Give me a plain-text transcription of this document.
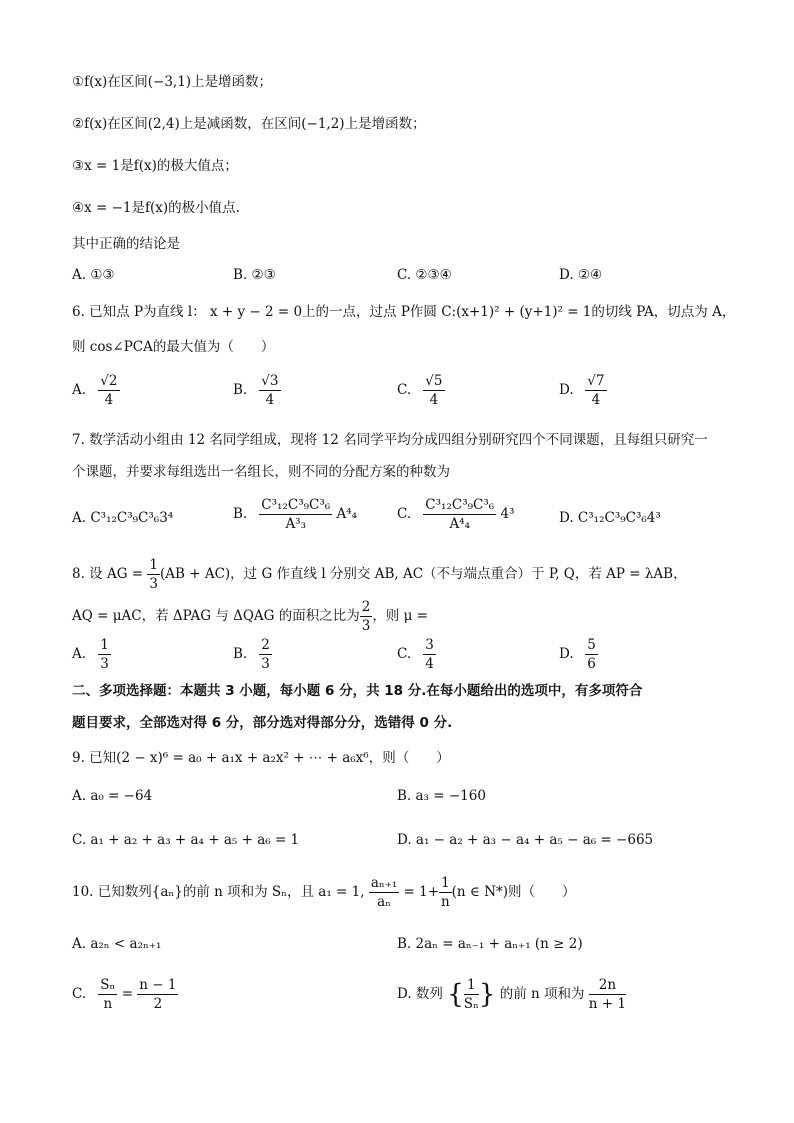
①f(x)在区间(−3,1)上是增函数；
②f(x)在区间(2,4)上是减函数，在区间(−1,2)上是增函数；
③x = 1是f(x)的极大值点；
④x = −1是f(x)的极小值点.
其中正确的结论是
A. ①③	B. ②③	C. ②③④	D. ②④
6. 已知点 P为直线 l： x + y − 2 = 0上的一点，过点 P作圆 C:(x+1)² + (y+1)² = 1的切线 PA，切点为 A，
则 cos∠PCA的最大值为（　　）
A. $\frac{√2}{4}$	B. $\frac{√3}{4}$	C. $\frac{√5}{4}$	D. $\frac{√7}{4}$
7. 数学活动小组由 12 名同学组成，现将 12 名同学平均分成四组分别研究四个不同课题，且每组只研究一
个课题，并要求每组选出一名组长，则不同的分配方案的种数为
A. C³₁₂C³₉C³₆3⁴	B. $\frac{\text{C³₁₂C³₉C³₆}}{\text{A³₃}} A^4_4$	C. $\frac{\text{C³₁₂C³₉C³₆}}{\text{A⁴₄}} 4^3$	D. C³₁₂C³₉C³₆4³
8. 设 AG = $\frac{1}{3} (AB + AC)$，过 G 作直线 l 分别交 AB, AC（不与端点重合）于 P, Q，若 AP = λAB，
AQ = μAC，若 ΔPAG 与 ΔQAG 的面积之比为 $\frac{2}{3}$ ，则 μ =
A. $\frac{1}{3}$	B. $\frac{2}{3}$	C. $\frac{3}{4}$	D. $\frac{5}{6}$
二、多项选择题：本题共 3 小题，每小题 6 分，共 18 分.在每小题给出的选项中，有多项符合
题目要求，全部选对得 6 分，部分选对得部分分，选错得 0 分.
9. 已知(2 − x)⁶ = a₀ + a₁x + a₂x² + ⋯ + a₆x⁶，则（　　）
A. a₀ = −64	B. a₃ = −160
C. a₁ + a₂ + a₃ + a₄ + a₅ + a₆ = 1	D. a₁ − a₂ + a₃ − a₄ + a₅ − a₆ = −665
10. 已知数列{aₙ}的前 n 项和为 Sₙ，且 a₁ = 1, $\frac{\text{aₙ₊₁}}{\text{aₙ}} = 1+ \frac{1}{n} (n$ ∈ N*)则（　　）
A. a₂ₙ < a₂ₙ₊₁	B. 2aₙ = aₙ₋₁ + aₙ₊₁ (n ≥ 2)
C. $\frac{\text{Sₙ}}{n} = \frac{n - 1}{2}$	D. 数列 { $\frac{1}{\text{Sₙ}}$ } 的前 n 项和为 $\frac{2n}{n + 1}$
